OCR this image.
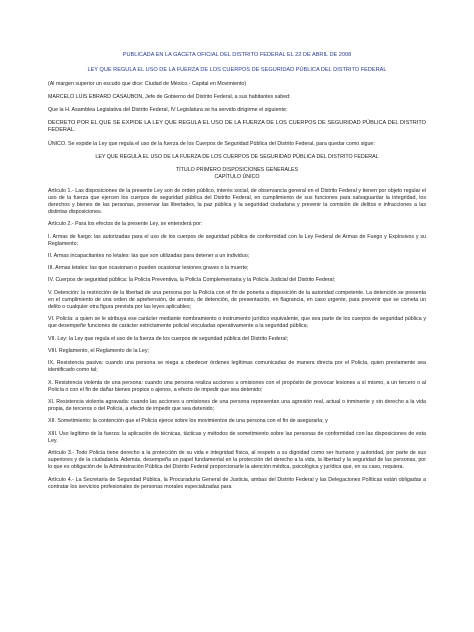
PUBLICADA EN LA GACETA OFICIAL DEL DISTRITO FEDERAL EL 22 DE ABRIL DE 2008
LEY QUE REGULA EL USO DE LA FUERZA DE LOS CUERPOS DE SEGURIDAD PÚBLICA DEL DISTRITO FEDERAL
(Al margen superior un escudo que dice: Ciudad de México.- Capital en Movimiento)
MARCELO LUIS EBRARD CASAUBON, Jefe de Gobierno del Distrito Federal, a sus habitantes sabed:
Que la H. Asamblea Legislativa del Distrito Federal, IV Legislatura se ha servido dirigirme el siguiente:
DECRETO POR EL QUE SE EXPIDE LA LEY QUE REGULA EL USO DE LA FUERZA DE LOS CUERPOS DE SEGURIDAD PÚBLICA DEL DISTRITO FEDERAL.
ÚNICO. Se expide la Ley que regula el uso de la fuerza de los Cuerpos de Seguridad Pública del Distrito Federal, para quedar como sigue:
LEY QUE REGULA EL USO DE LA FUERZA DE LOS CUERPOS DE SEGURIDAD PÚBLICA DEL DISTRITO FEDERAL
TÍTULO PRIMERO DISPOSICIONES GENERALES
CAPÍTULO ÚNICO
Artículo 1.- Las disposiciones de la presente Ley son de orden público, interés social, de observancia general en el Distrito Federal y tienen por objeto regular el uso de la fuerza que ejercen los cuerpos de seguridad pública del Distrito Federal, en cumplimiento de sus funciones para salvaguardar la integridad, los derechos y bienes de las personas, preservar las libertades, la paz pública y la seguridad ciudadana y prevenir la comisión de delitos e infracciones a las distintas disposiciones.
Artículo 2.- Para los efectos de la presente Ley, se entenderá por:
I. Armas de fuego: las autorizadas para el uso de los cuerpos de seguridad pública de conformidad con la Ley Federal de Armas de Fuego y Explosivos y su Reglamento;
II. Armas incapacitantes no letales: las que son utilizadas para detener a un individuo;
III. Armas letales: las que ocasionan o pueden ocasionar lesiones graves o la muerte;
IV. Cuerpos de seguridad pública: la Policía Preventiva, la Policía Complementaria y la Policía Judicial del Distrito Federal;
V. Detención: la restricción de la libertad de una persona por la Policía con el fin de ponerla a disposición de la autoridad competente. La detención se presenta en el cumplimiento de una orden de aprehensión, de arresto, de detención, de presentación, en flagrancia, en caso urgente, para prevenir que se cometa un delito o cualquier otra figura prevista por las leyes aplicables;
VI. Policía: a quien se le atribuya ese carácter mediante nombramiento o instrumento jurídico equivalente, que sea parte de los cuerpos de seguridad pública y que desempeñe funciones de carácter estrictamente policial vinculadas operativamente a la seguridad pública;
VII. Ley: la Ley que regula el uso de la fuerza de los cuerpos de seguridad pública del Distrito Federal;
VIII. Reglamento, el Reglamento de la Ley;
IX. Resistencia pasiva: cuando una persona se niega a obedecer órdenes legítimas comunicadas de manera directa por el Policía, quien previamente sea identificado como tal;
X. Resistencia violenta de una persona: cuando una persona realiza acciones u omisiones con el propósito de provocar lesiones a sí mismo, a un tercero o al Policía o con el fin de dañar bienes propios o ajenos, a efecto de impedir que sea detenido;
XI. Resistencia violenta agravada: cuando las acciones u omisiones de una persona representan una agresión real, actual o inminente y sin derecho a la vida propia, de terceros o del Policía, a efecto de impedir que sea detenido;
XII. Sometimiento: la contención que el Policía ejerce sobre los movimientos de una persona con el fin de asegurarla; y
XIII. Uso legítimo de la fuerza: la aplicación de técnicas, tácticas y métodos de sometimiento sobre las personas de conformidad con las disposiciones de esta Ley.
Artículo 3.- Todo Policía tiene derecho a la protección de su vida e integridad física, al respeto a su dignidad como ser humano y autoridad, por parte de sus superiores y de la ciudadanía. Además, desempeña un papel fundamental en la protección del derecho a la vida, la libertad y la seguridad de las personas, por lo que es obligación de la Administración Pública del Distrito Federal proporcionarle la atención médica, psicológica y jurídica que, en su caso, requiera.
Artículo 4.- La Secretaría de Seguridad Pública, la Procuraduría General de Justicia, ambas del Distrito Federal y las Delegaciones Políticas están obligadas a contratar los servicios profesionales de personas morales especializadas para
